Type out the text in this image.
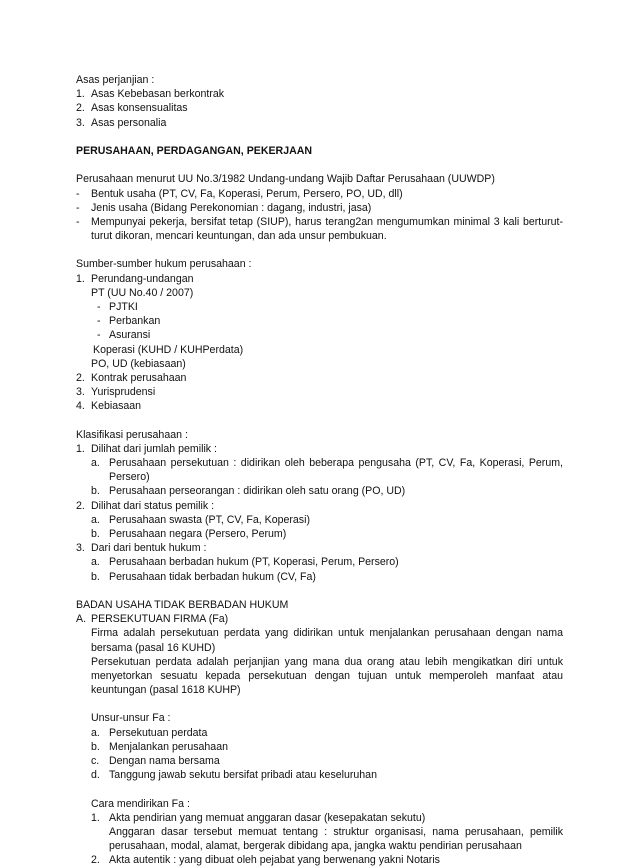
Asas perjanjian :
1. Asas Kebebasan berkontrak
2. Asas konsensualitas
3. Asas personalia
PERUSAHAAN, PERDAGANGAN, PEKERJAAN
Perusahaan menurut UU No.3/1982 Undang-undang Wajib Daftar Perusahaan (UUWDP)
- Bentuk usaha (PT, CV, Fa, Koperasi, Perum, Persero, PO, UD, dll)
- Jenis usaha (Bidang Perekonomian : dagang, industri, jasa)
- Mempunyai pekerja, bersifat tetap (SIUP), harus terang2an mengumumkan minimal 3 kali berturut-
turut dikoran, mencari keuntungan, dan ada unsur pembukuan.
Sumber-sumber hukum perusahaan :
1. Perundang-undangan
PT (UU No.40 / 2007)
- PJTKI
- Perbankan
- Asuransi
Koperasi (KUHD / KUHPerdata)
PO, UD (kebiasaan)
2. Kontrak perusahaan
3. Yurisprudensi
4. Kebiasaan
Klasifikasi perusahaan :
1. Dilihat dari jumlah pemilik :
a. Perusahaan persekutuan : didirikan oleh beberapa pengusaha (PT, CV, Fa, Koperasi, Perum,
Persero)
b. Perusahaan perseorangan : didirikan oleh satu orang (PO, UD)
2. Dilihat dari status pemilik :
a. Perusahaan swasta (PT, CV, Fa, Koperasi)
b. Perusahaan negara (Persero, Perum)
3. Dari dari bentuk hukum :
a. Perusahaan berbadan hukum (PT, Koperasi, Perum, Persero)
b. Perusahaan tidak berbadan hukum (CV, Fa)
BADAN USAHA TIDAK BERBADAN HUKUM
A. PERSEKUTUAN FIRMA (Fa)
Firma adalah persekutuan perdata yang didirikan untuk menjalankan perusahaan dengan nama
bersama (pasal 16 KUHD)
Persekutuan perdata adalah perjanjian yang mana dua orang atau lebih mengikatkan diri untuk
menyetorkan sesuatu kepada persekutuan dengan tujuan untuk memperoleh manfaat atau
keuntungan (pasal 1618 KUHP)
Unsur-unsur Fa :
a. Persekutuan perdata
b. Menjalankan perusahaan
c. Dengan nama bersama
d. Tanggung jawab sekutu bersifat pribadi atau keseluruhan
Cara mendirikan Fa :
1. Akta pendirian yang memuat anggaran dasar (kesepakatan sekutu)
Anggaran dasar tersebut memuat tentang : struktur organisasi, nama perusahaan, pemilik
perusahaan, modal, alamat, bergerak dibidang apa, jangka waktu pendirian perusahaan
2. Akta autentik : yang dibuat oleh pejabat yang berwenang yakni Notaris
